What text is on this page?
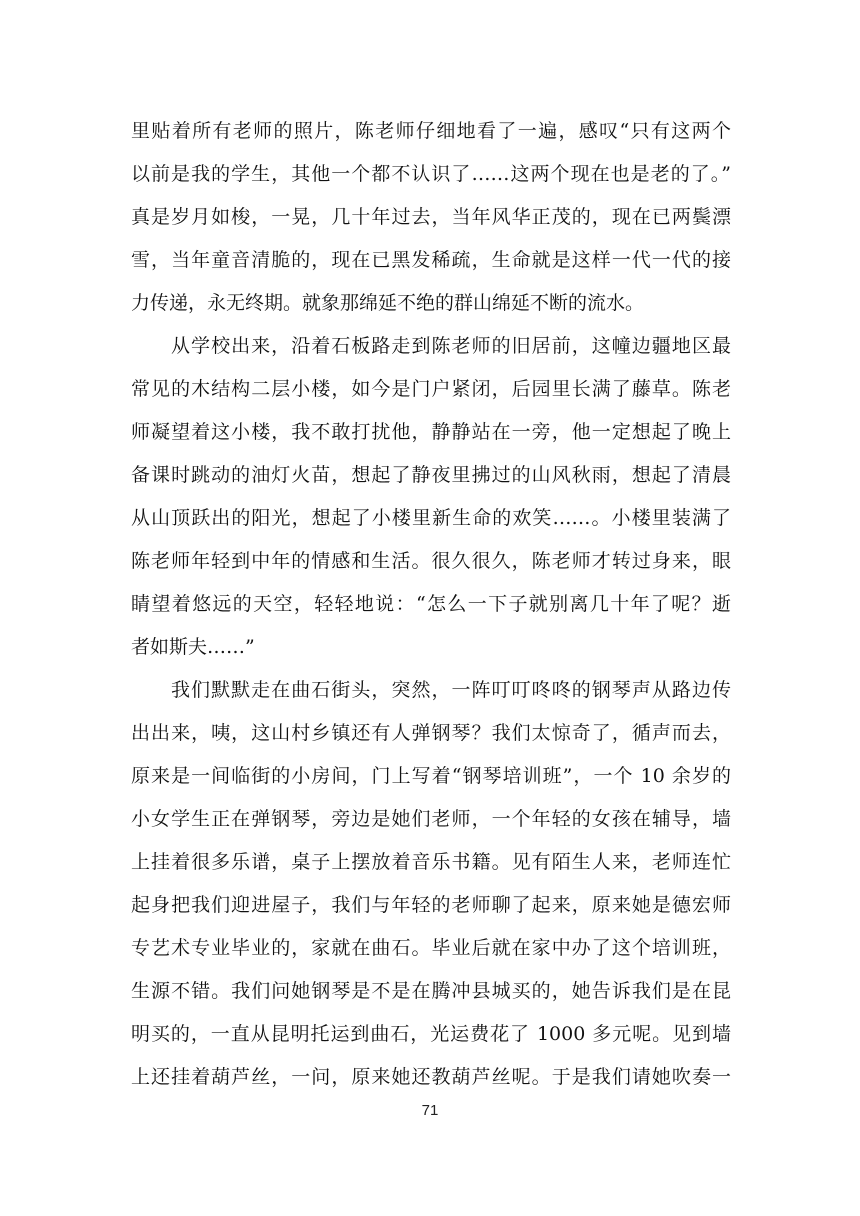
里贴着所有老师的照片，陈老师仔细地看了一遍，感叹“只有这两个
以前是我的学生，其他一个都不认识了……这两个现在也是老的了。”
真是岁月如梭，一晃，几十年过去，当年风华正茂的，现在已两鬓漂
雪，当年童音清脆的，现在已黑发稀疏，生命就是这样一代一代的接
力传递，永无终期。就象那绵延不绝的群山绵延不断的流水。
从学校出来，沿着石板路走到陈老师的旧居前，这幢边疆地区最
常见的木结构二层小楼，如今是门户紧闭，后园里长满了藤草。陈老
师凝望着这小楼，我不敢打扰他，静静站在一旁，他一定想起了晚上
备课时跳动的油灯火苗，想起了静夜里拂过的山风秋雨，想起了清晨
从山顶跃出的阳光，想起了小楼里新生命的欢笑……。小楼里装满了
陈老师年轻到中年的情感和生活。很久很久，陈老师才转过身来，眼
睛望着悠远的天空，轻轻地说：“怎么一下子就别离几十年了呢？逝
者如斯夫……”
我们默默走在曲石街头，突然，一阵叮叮咚咚的钢琴声从路边传
出出来，咦，这山村乡镇还有人弹钢琴？我们太惊奇了，循声而去，
原来是一间临街的小房间，门上写着“钢琴培训班”，一个 10 余岁的
小女学生正在弹钢琴，旁边是她们老师，一个年轻的女孩在辅导，墙
上挂着很多乐谱，桌子上摆放着音乐书籍。见有陌生人来，老师连忙
起身把我们迎进屋子，我们与年轻的老师聊了起来，原来她是德宏师
专艺术专业毕业的，家就在曲石。毕业后就在家中办了这个培训班，
生源不错。我们问她钢琴是不是在腾冲县城买的，她告诉我们是在昆
明买的，一直从昆明托运到曲石，光运费花了 1000 多元呢。见到墙
上还挂着葫芦丝，一问，原来她还教葫芦丝呢。于是我们请她吹奏一
71
